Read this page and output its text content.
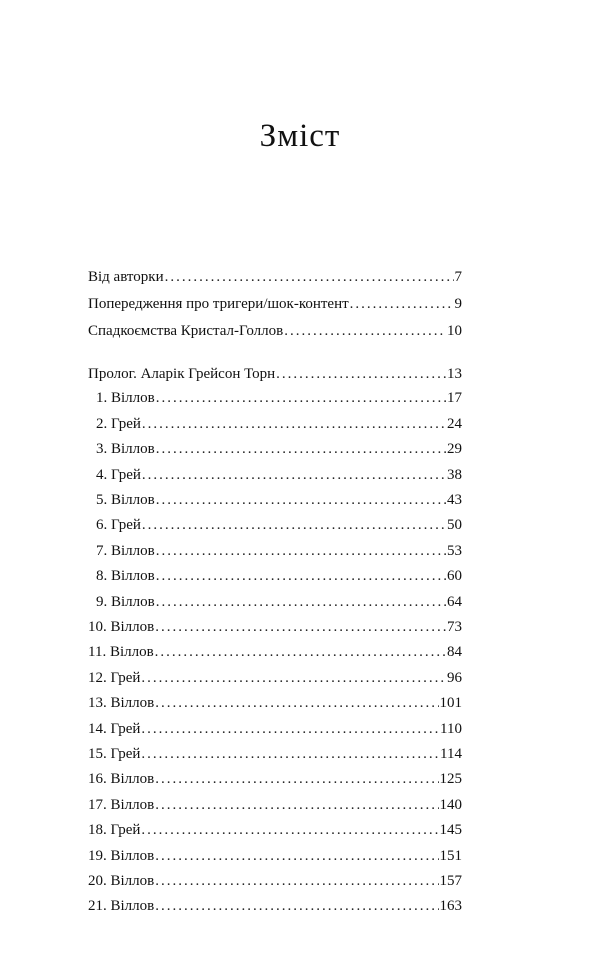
Зміст
Від авторки .....	7
Попередження про тригери/шок-контент .....	9
Спадкоємства Кристал-Голлов .....	10
Пролог. Аларік Грейсон Торн .....	13
1. Віллов .....	17
2. Грей .....	24
3. Віллов .....	29
4. Грей .....	38
5. Віллов .....	43
6. Грей .....	50
7. Віллов .....	53
8. Віллов .....	60
9. Віллов .....	64
10. Віллов .....	73
11. Віллов .....	84
12. Грей .....	96
13. Віллов .....	101
14. Грей .....	110
15. Грей .....	114
16. Віллов .....	125
17. Віллов .....	140
18. Грей .....	145
19. Віллов .....	151
20. Віллов .....	157
21. Віллов .....	163
